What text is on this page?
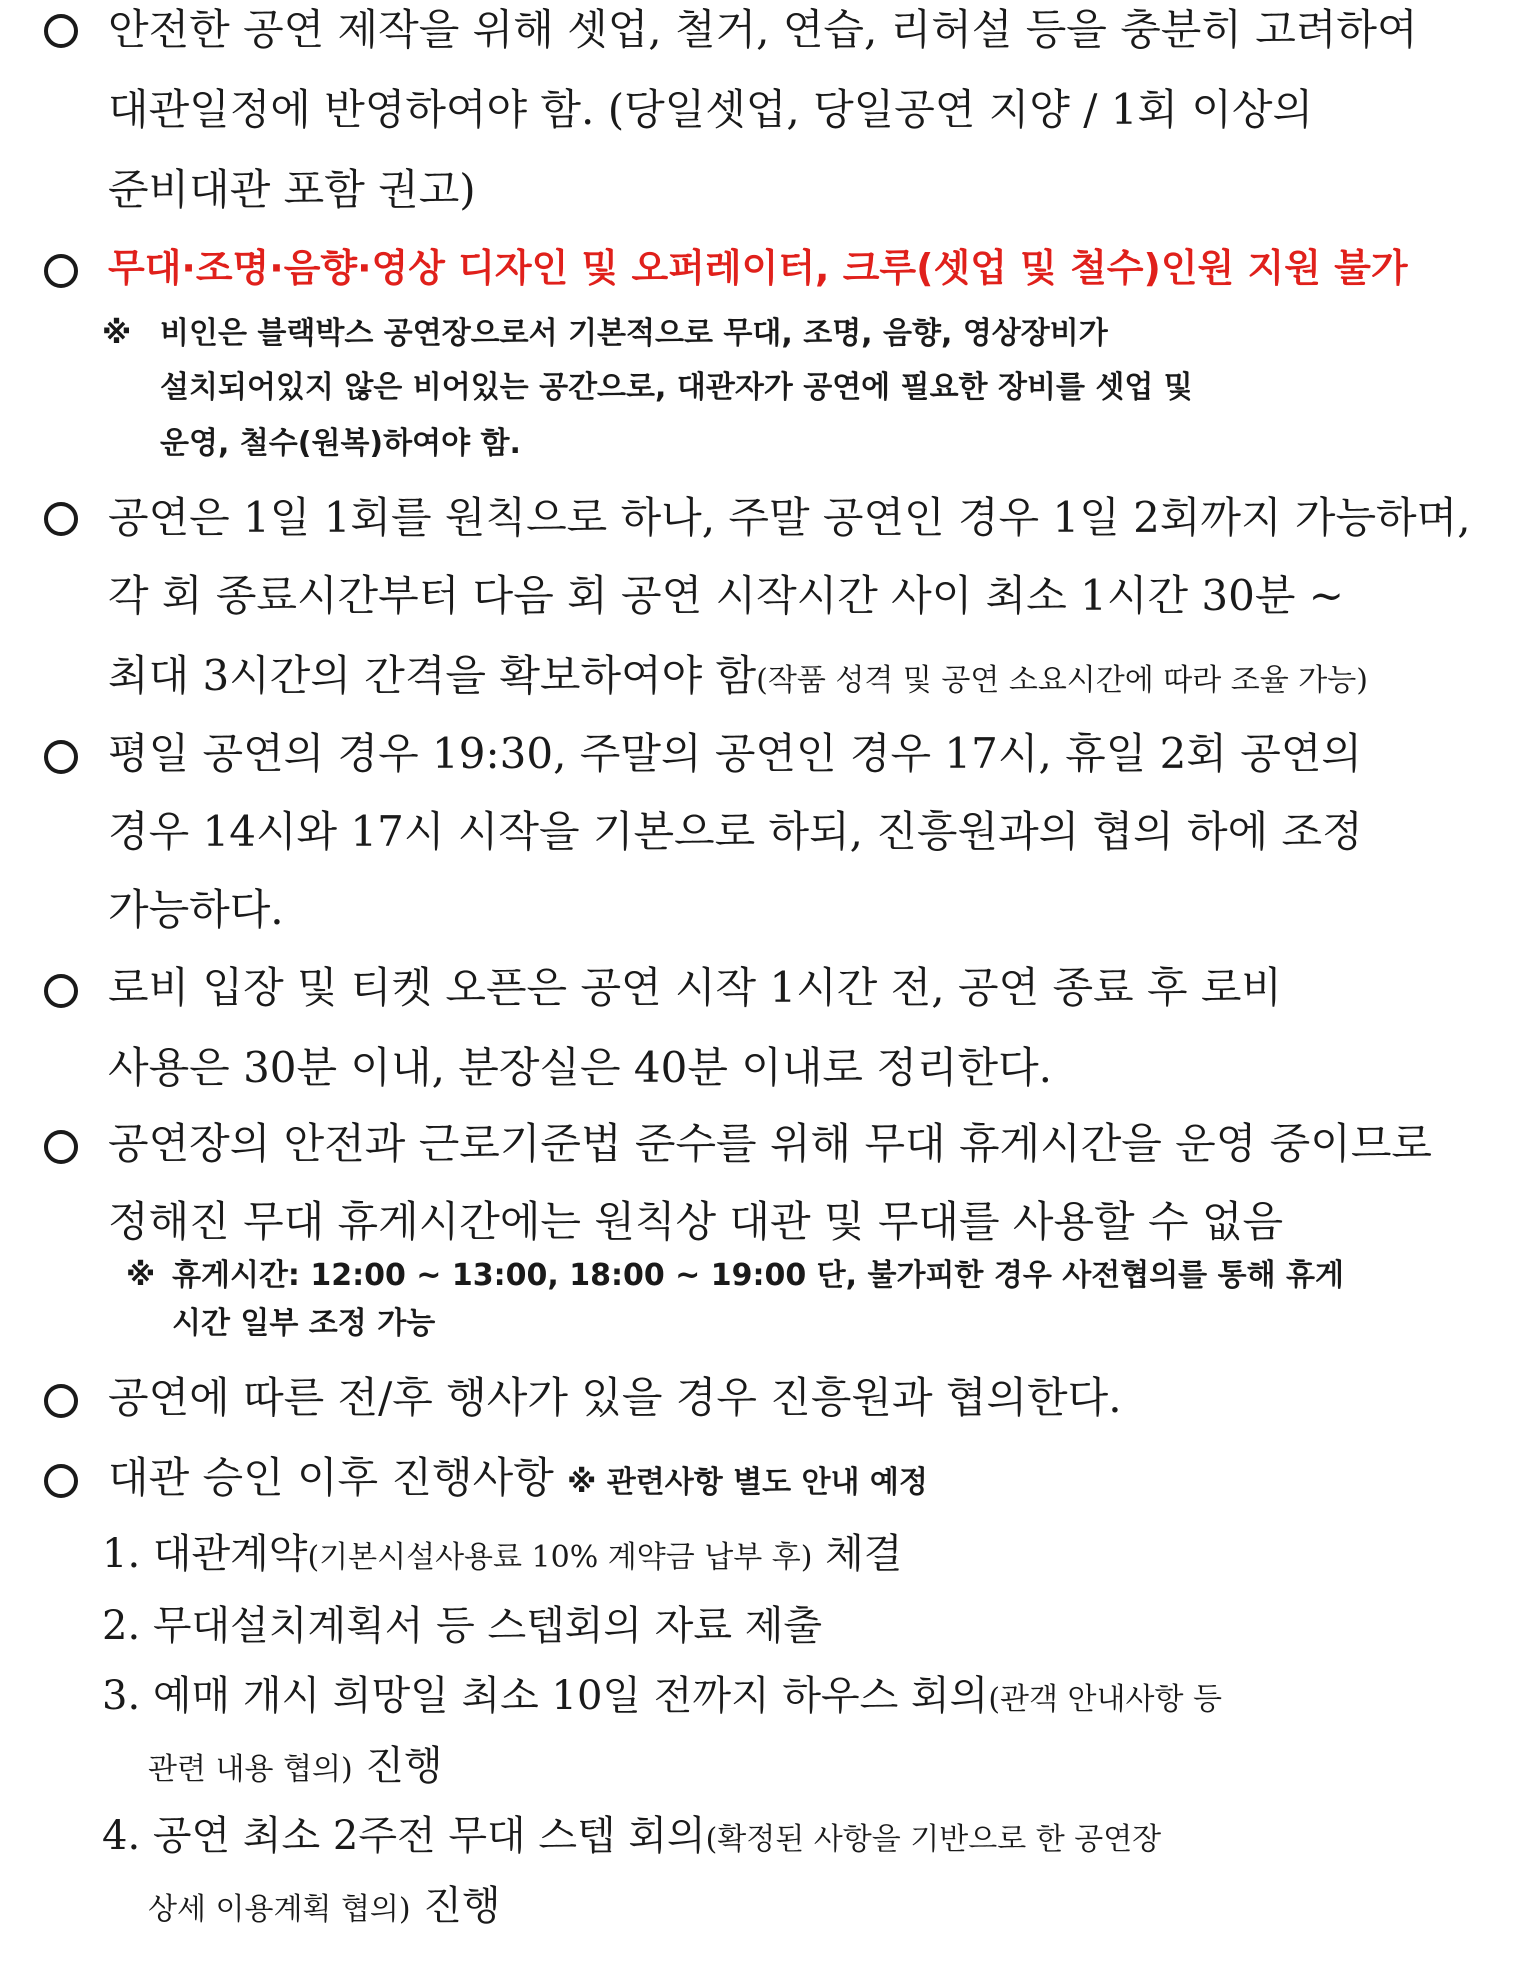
안전한 공연 제작을 위해 셋업, 철거, 연습, 리허설 등을 충분히 고려하여
대관일정에 반영하여야 함. (당일셋업, 당일공연 지양 / 1회 이상의
준비대관 포함 권고)
무대·조명·음향·영상 디자인 및 오퍼레이터, 크루(셋업 및 철수)인원 지원 불가
※ 비인은 블랙박스 공연장으로서 기본적으로 무대, 조명, 음향, 영상장비가
설치되어있지 않은 비어있는 공간으로, 대관자가 공연에 필요한 장비를 셋업 및
운영, 철수(원복)하여야 함.
공연은 1일 1회를 원칙으로 하나, 주말 공연인 경우 1일 2회까지 가능하며,
각 회 종료시간부터 다음 회 공연 시작시간 사이 최소 1시간 30분 ~
최대 3시간의 간격을 확보하여야 함(작품 성격 및 공연 소요시간에 따라 조율 가능)
평일 공연의 경우 19:30, 주말의 공연인 경우 17시, 휴일 2회 공연의
경우 14시와 17시 시작을 기본으로 하되, 진흥원과의 협의 하에 조정
가능하다.
로비 입장 및 티켓 오픈은 공연 시작 1시간 전, 공연 종료 후 로비
사용은 30분 이내, 분장실은 40분 이내로 정리한다.
공연장의 안전과 근로기준법 준수를 위해 무대 휴게시간을 운영 중이므로
정해진 무대 휴게시간에는 원칙상 대관 및 무대를 사용할 수 없음
※ 휴게시간: 12:00 ~ 13:00, 18:00 ~ 19:00 단, 불가피한 경우 사전협의를 통해 휴게
시간 일부 조정 가능
공연에 따른 전/후 행사가 있을 경우 진흥원과 협의한다.
대관 승인 이후 진행사항 ※ 관련사항 별도 안내 예정
1. 대관계약(기본시설사용료 10% 계약금 납부 후) 체결
2. 무대설치계획서 등 스텝회의 자료 제출
3. 예매 개시 희망일 최소 10일 전까지 하우스 회의(관객 안내사항 등
관련 내용 협의) 진행
4. 공연 최소 2주전 무대 스텝 회의(확정된 사항을 기반으로 한 공연장
상세 이용계획 협의) 진행
